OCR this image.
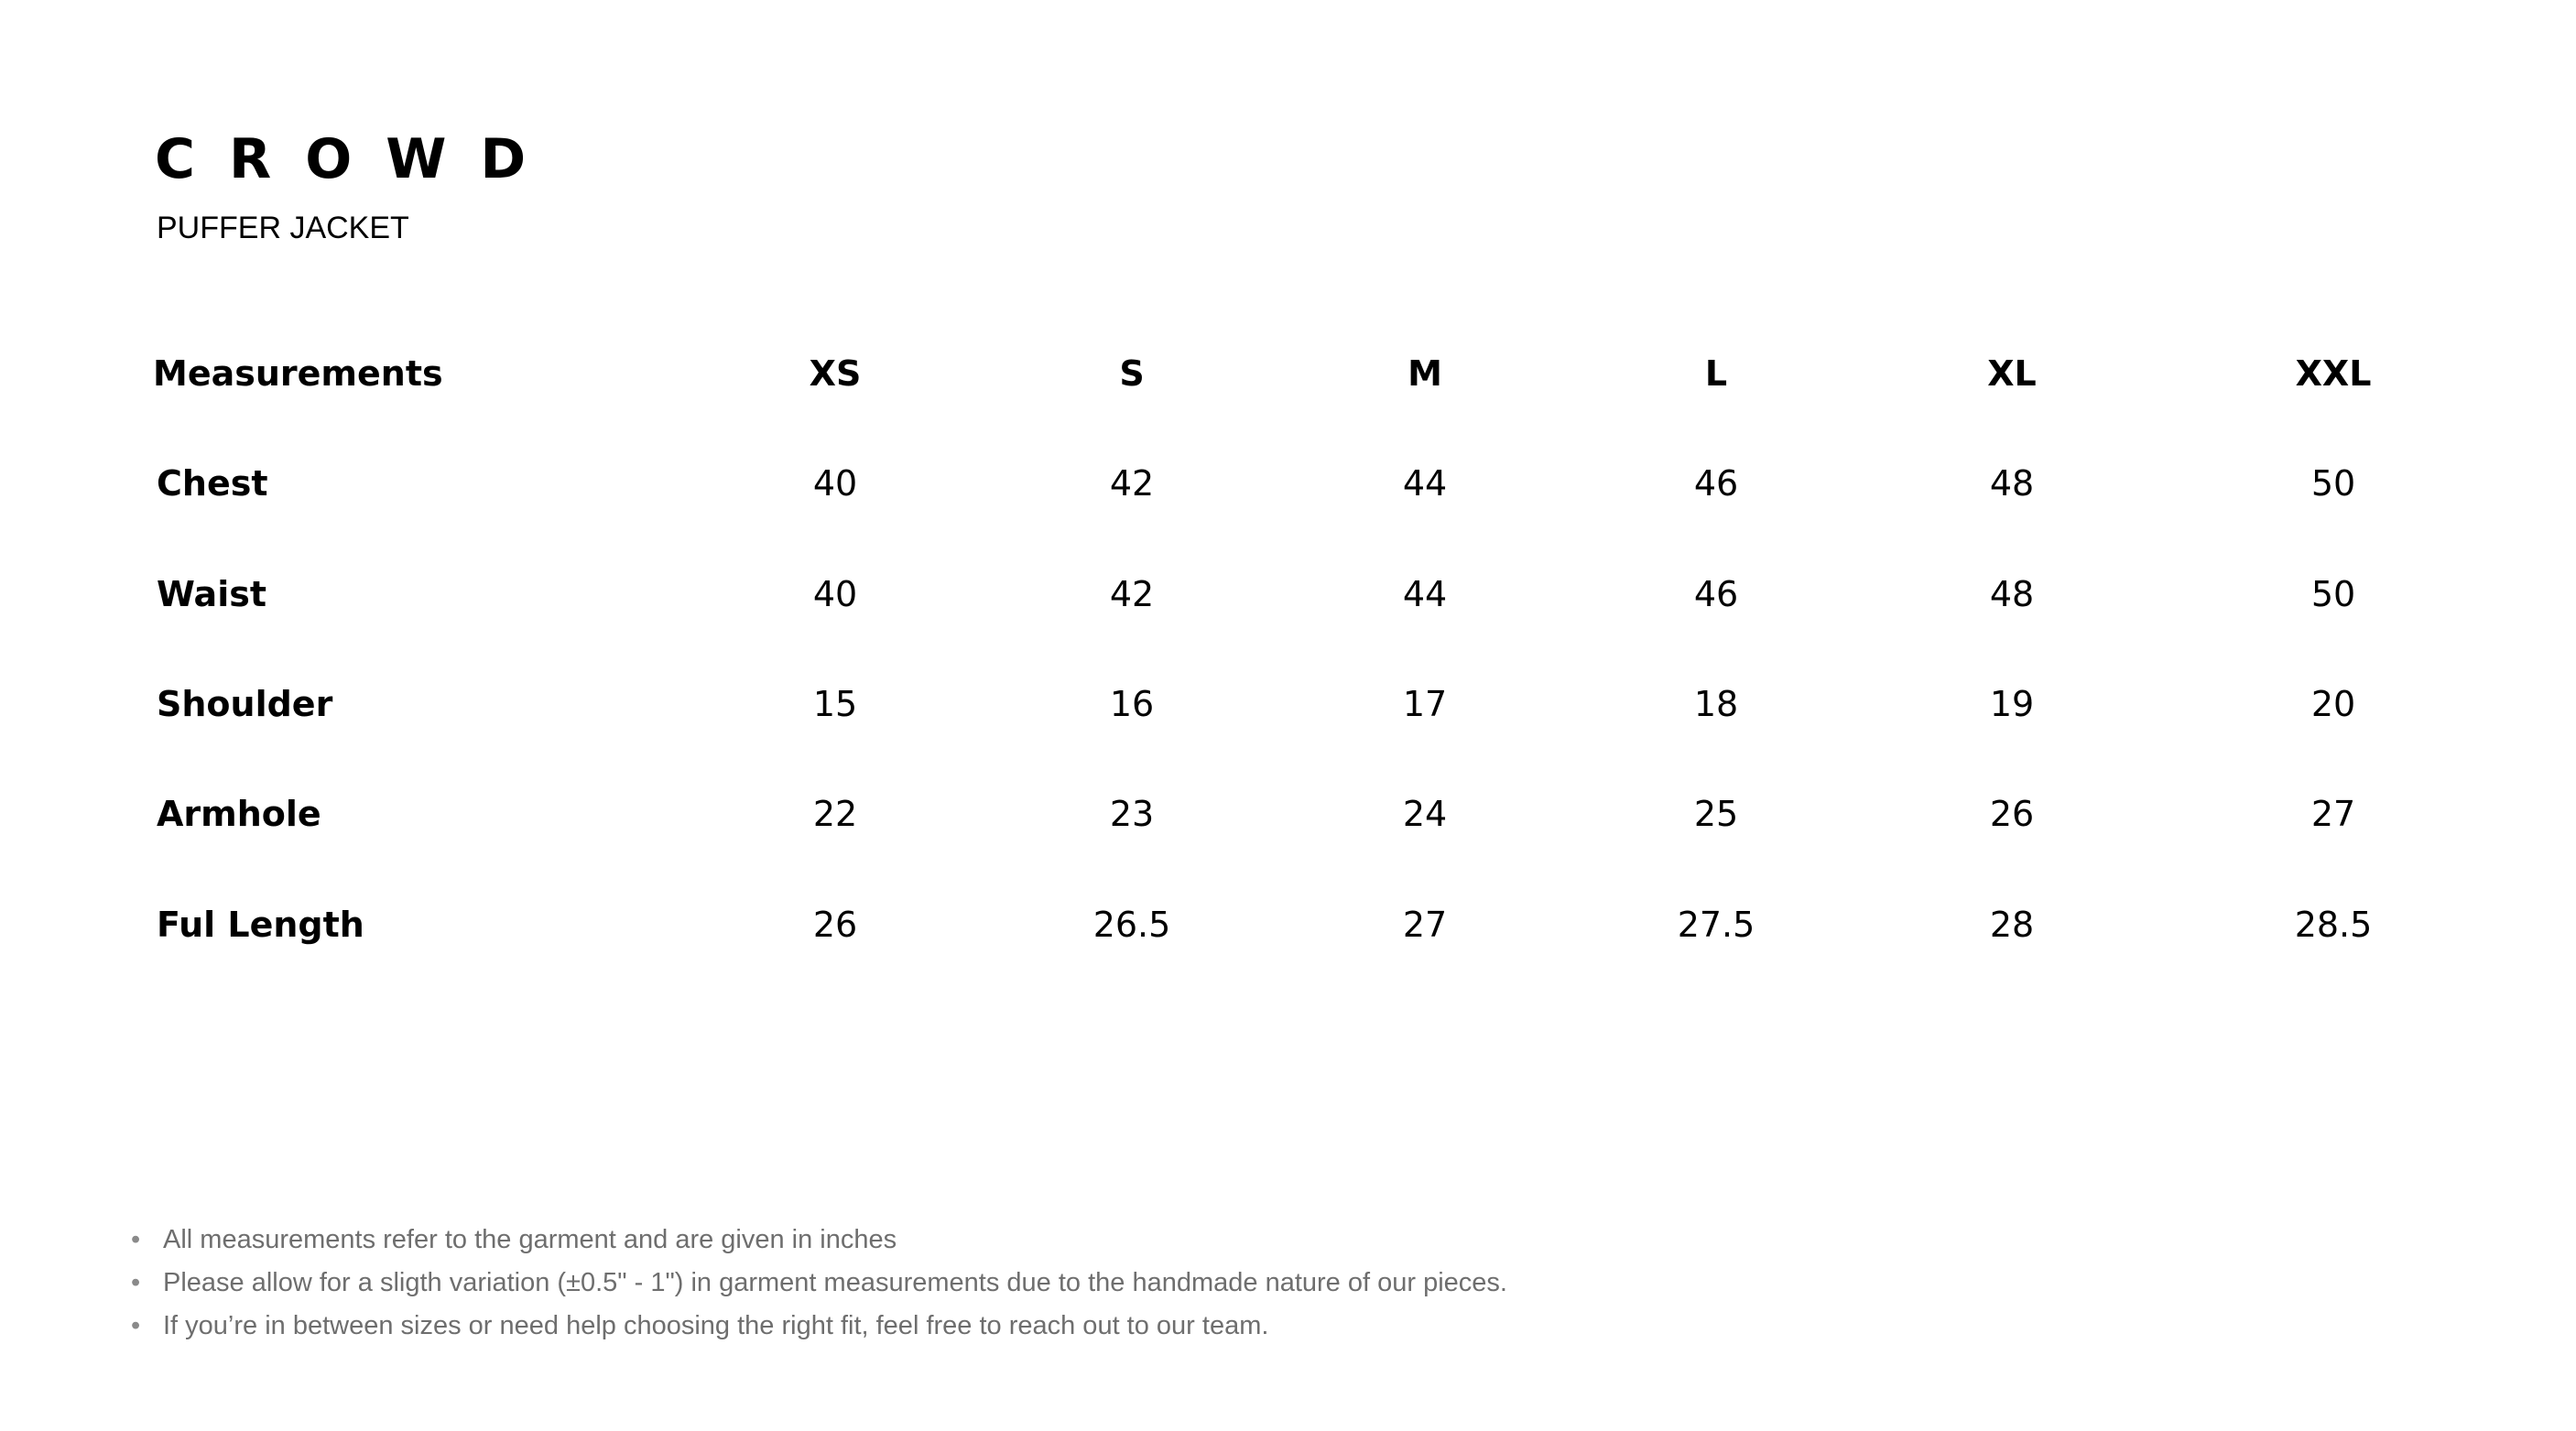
CROWD
PUFFER JACKET
Measurements	XS	S	M	L	XL	XXL
Chest	40	42	44	46	48	50
Waist	40	42	44	46	48	50
Shoulder	15	16	17	18	19	20
Armhole	22	23	24	25	26	27
Ful Length	26	26.5	27	27.5	28	28.5
• All measurements refer to the garment and are given in inches
• Please allow for a sligth variation (±0.5" - 1") in garment measurements due to the handmade nature of our pieces.
• If you’re in between sizes or need help choosing the right fit, feel free to reach out to our team.
